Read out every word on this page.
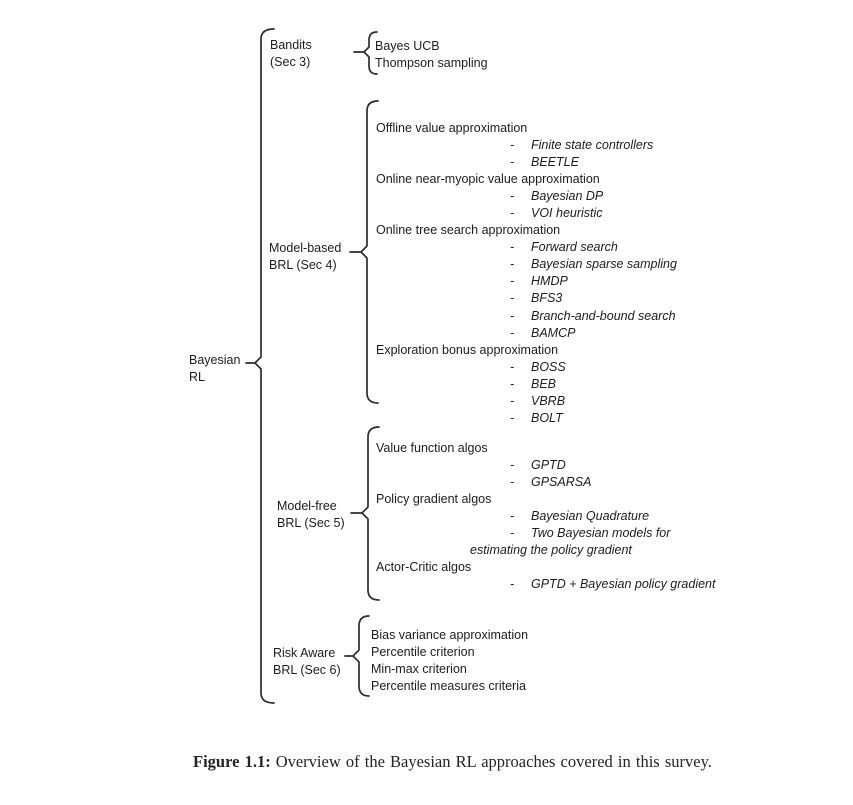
Bayesian
RL
Bandits
(Sec 3)
Bayes UCB
Thompson sampling
Model-based
BRL (Sec 4)
Offline value approximation
- Finite state controllers
- BEETLE
Online near-myopic value approximation
- Bayesian DP
- VOI heuristic
Online tree search approximation
- Forward search
- Bayesian sparse sampling
- HMDP
- BFS3
- Branch-and-bound search
- BAMCP
Exploration bonus approximation
- BOSS
- BEB
- VBRB
- BOLT
Model-free
BRL (Sec 5)
Value function algos
- GPTD
- GPSARSA
Policy gradient algos
- Bayesian Quadrature
- Two Bayesian models for
estimating the policy gradient
Actor-Critic algos
- GPTD + Bayesian policy gradient
Risk Aware
BRL (Sec 6)
Bias variance approximation
Percentile criterion
Min-max criterion
Percentile measures criteria
Figure 1.1: Overview of the Bayesian RL approaches covered in this survey.
